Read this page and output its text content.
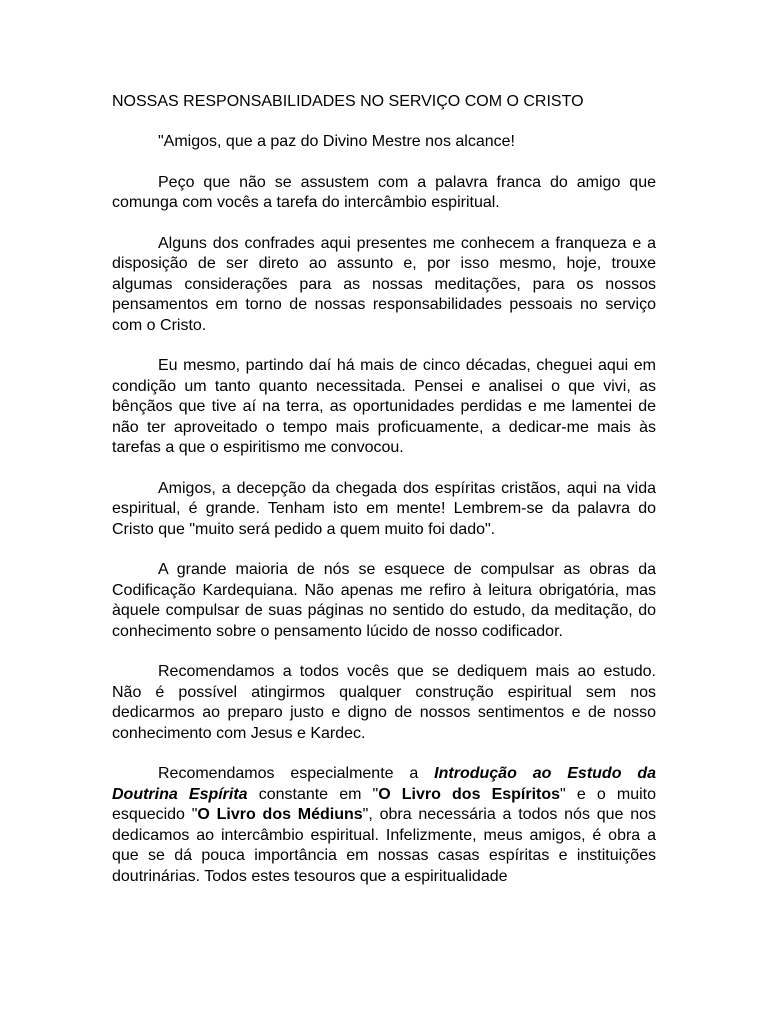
NOSSAS RESPONSABILIDADES NO SERVIÇO COM O CRISTO

"Amigos, que a paz do Divino Mestre nos alcance!

Peço que não se assustem com a palavra franca do amigo que comunga com vocês a tarefa do intercâmbio espiritual.

Alguns dos confrades aqui presentes me conhecem a franqueza e a disposição de ser direto ao assunto e, por isso mesmo, hoje, trouxe algumas considerações para as nossas meditações, para os nossos pensamentos em torno de nossas responsabilidades pessoais no serviço com o Cristo.

Eu mesmo, partindo daí há mais de cinco décadas, cheguei aqui em condição um tanto quanto necessitada. Pensei e analisei o que vivi, as bênçãos que tive aí na terra, as oportunidades perdidas e me lamentei de não ter aproveitado o tempo mais proficuamente, a dedicar-me mais às tarefas a que o espiritismo me convocou.

Amigos, a decepção da chegada dos espíritas cristãos, aqui na vida espiritual, é grande. Tenham isto em mente! Lembrem-se da palavra do Cristo que "muito será pedido a quem muito foi dado".

A grande maioria de nós se esquece de compulsar as obras da Codificação Kardequiana. Não apenas me refiro à leitura obrigatória, mas àquele compulsar de suas páginas no sentido do estudo, da meditação, do conhecimento sobre o pensamento lúcido de nosso codificador.

Recomendamos a todos vocês que se dediquem mais ao estudo. Não é possível atingirmos qualquer construção espiritual sem nos dedicarmos ao preparo justo e digno de nossos sentimentos e de nosso conhecimento com Jesus e Kardec.

Recomendamos especialmente a Introdução ao Estudo da Doutrina Espírita constante em "O Livro dos Espíritos" e o muito esquecido "O Livro dos Médiuns", obra necessária a todos nós que nos dedicamos ao intercâmbio espiritual. Infelizmente, meus amigos, é obra a que se dá pouca importância em nossas casas espíritas e instituições doutrinárias. Todos estes tesouros que a espiritualidade
